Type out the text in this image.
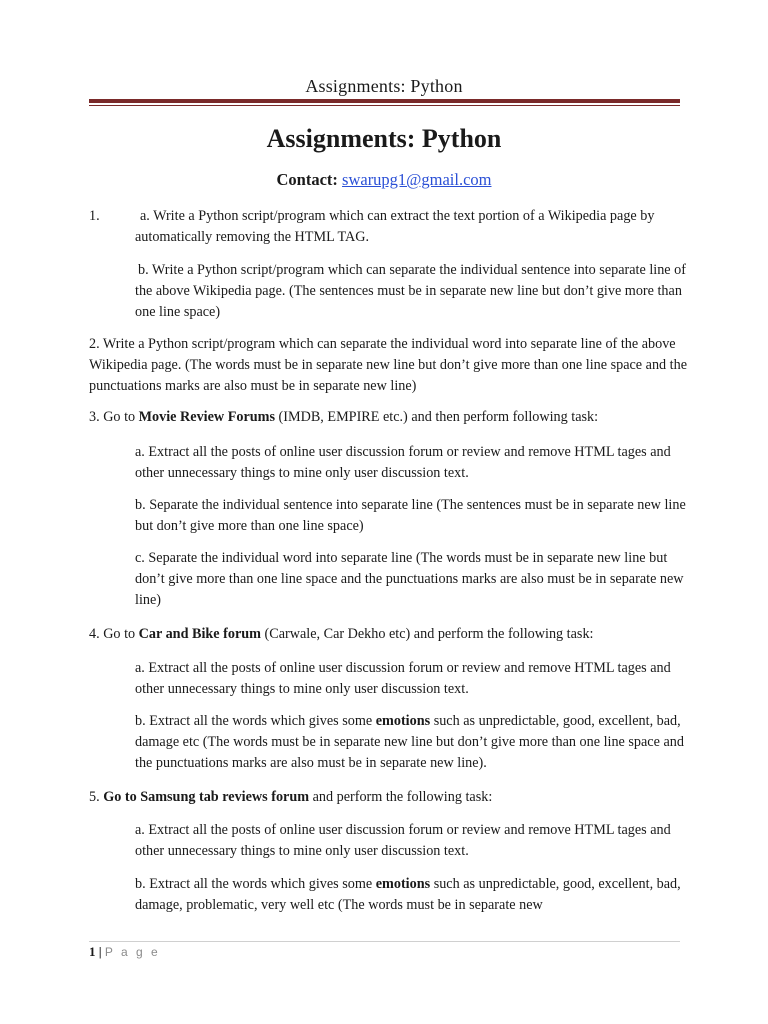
Assignments: Python
Assignments: Python
Contact: swarupg1@gmail.com
1.	a. Write a Python script/program which can extract the text portion of a Wikipedia page by automatically removing the HTML TAG.

b. Write a Python script/program which can separate the individual sentence into separate line of the above Wikipedia page. (The sentences must be in separate new line but don’t give more than one line space)

2. Write a Python script/program which can separate the individual word into separate line of the above Wikipedia page. (The words must be in separate new line but don’t give more than one line space and the punctuations marks are also must be in separate new line)

3. Go to Movie Review Forums (IMDB, EMPIRE etc.) and then perform following task:

a. Extract all the posts of online user discussion forum or review and remove HTML tages and other unnecessary things to mine only user discussion text.

b. Separate the individual sentence into separate line (The sentences must be in separate new line but don’t give more than one line space)

c. Separate the individual word into separate line (The words must be in separate new line but don’t give more than one line space and the punctuations marks are also must be in separate new line)

4. Go to Car and Bike forum (Carwale, Car Dekho etc) and perform the following task:

a. Extract all the posts of online user discussion forum or review and remove HTML tages and other unnecessary things to mine only user discussion text.

b. Extract all the words which gives some emotions such as unpredictable, good, excellent, bad, damage etc (The words must be in separate new line but don’t give more than one line space and the punctuations marks are also must be in separate new line).

5. Go to Samsung tab reviews forum and perform the following task:

a. Extract all the posts of online user discussion forum or review and remove HTML tages and other unnecessary things to mine only user discussion text.

b. Extract all the words which gives some emotions such as unpredictable, good, excellent, bad, damage, problematic, very well etc (The words must be in separate new

1 | P a g e
